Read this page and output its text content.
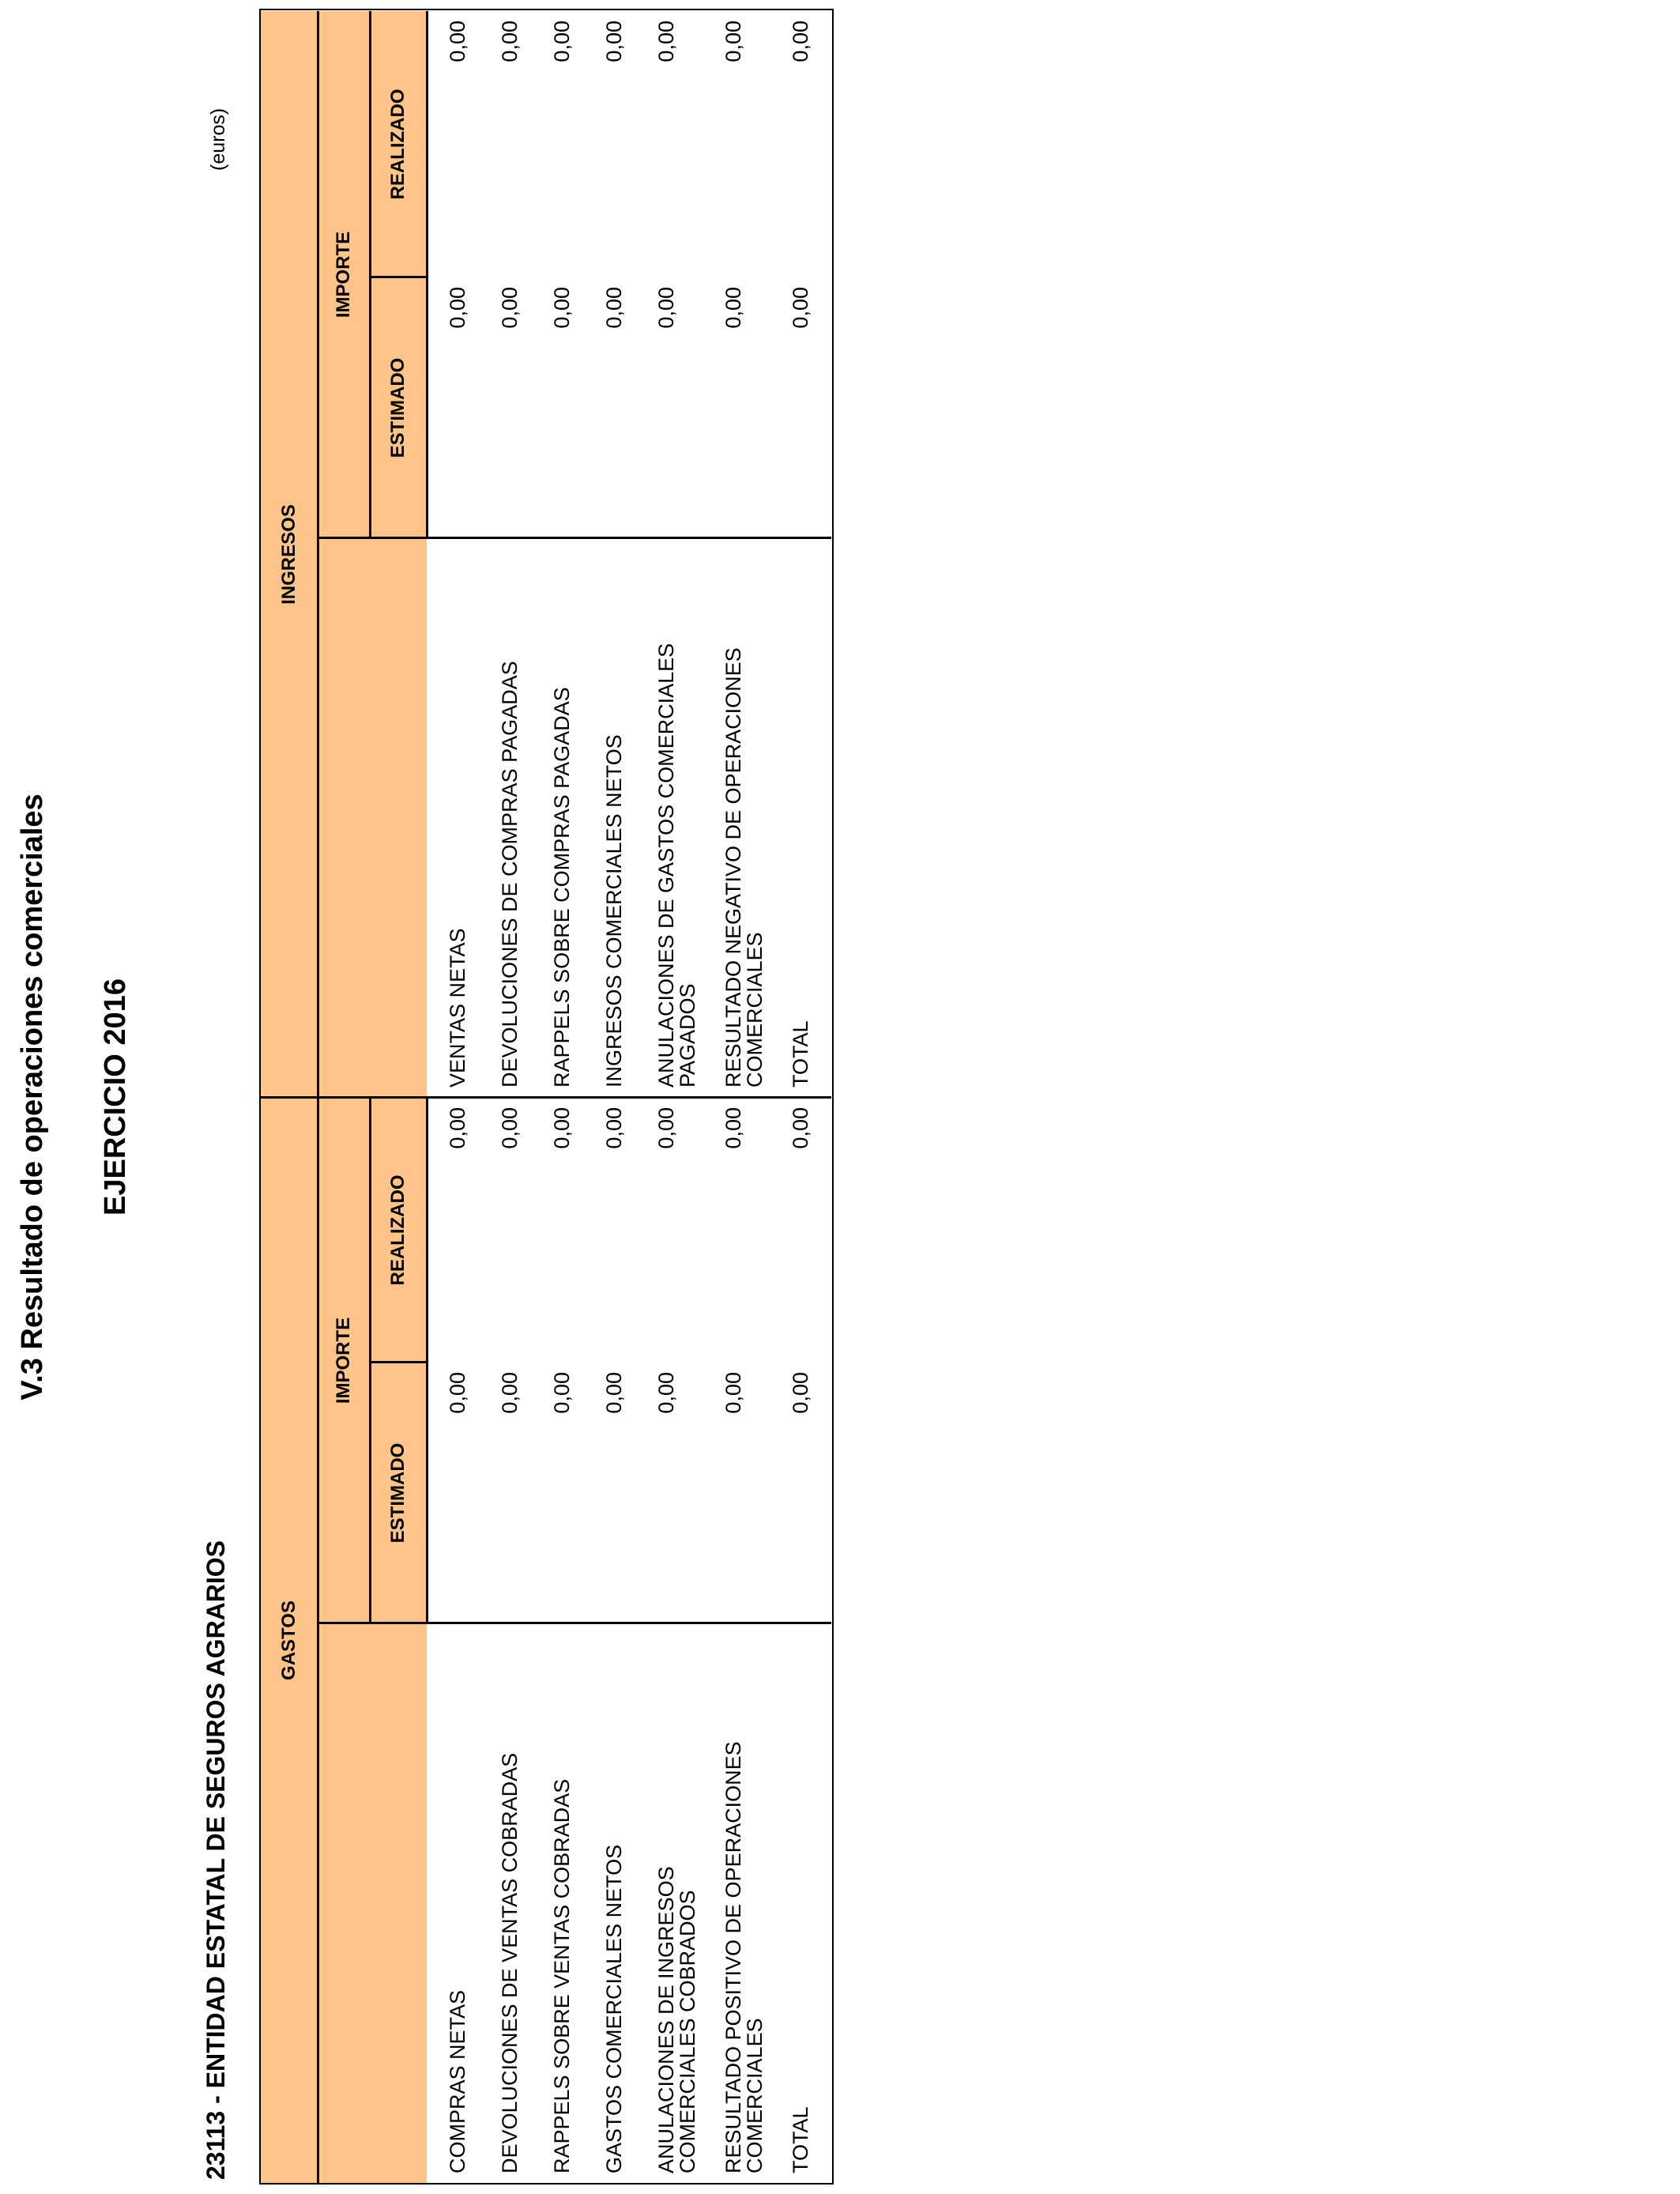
V.3 Resultado de operaciones comerciales EJERCICIO 2016
23113 - ENTIDAD ESTATAL DE SEGUROS AGRARIOS
(euros)
GASTOS
IMPORTE
ESTIMADO
REALIZADO
INGRESOS
IMPORTE
ESTIMADO
REALIZADO
COMPRAS NETAS
0,00
0,00
DEVOLUCIONES DE VENTAS COBRADAS
0,00
0,00
RAPPELS SOBRE VENTAS COBRADAS
0,00
0,00
GASTOS COMERCIALES NETOS
0,00
0,00
ANULACIONES DE INGRESOS COMERCIALES COBRADOS
0,00
0,00
RESULTADO POSITIVO DE OPERACIONES COMERCIALES
0,00
0,00
TOTAL
0,00
0,00
VENTAS NETAS
0,00
0,00
DEVOLUCIONES DE COMPRAS PAGADAS
0,00
0,00
RAPPELS SOBRE COMPRAS PAGADAS
0,00
0,00
INGRESOS COMERCIALES NETOS
0,00
0,00
ANULACIONES DE GASTOS COMERCIALES PAGADOS
0,00
0,00
RESULTADO NEGATIVO DE OPERACIONES COMERCIALES
0,00
0,00
TOTAL
0,00
0,00
